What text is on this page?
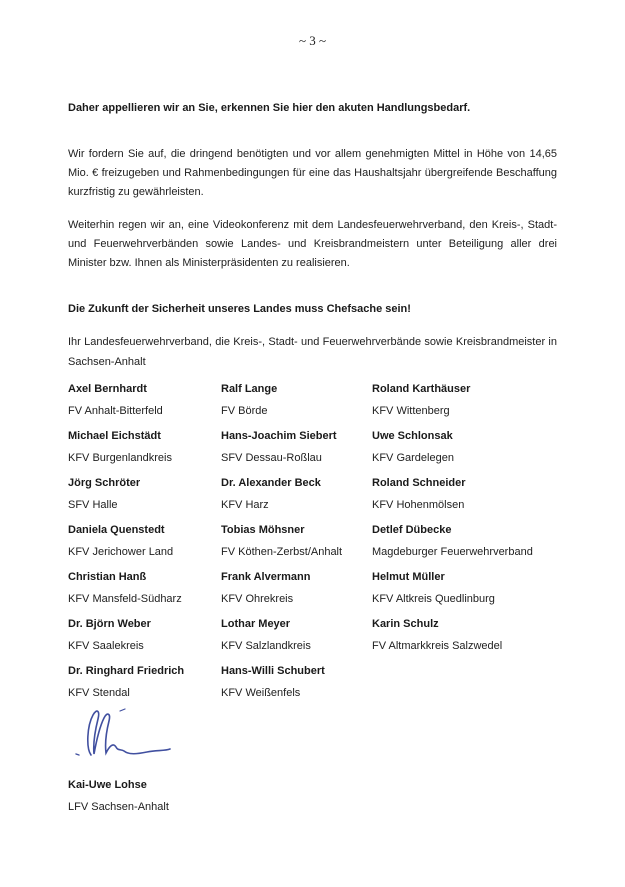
~ 3 ~
Daher appellieren wir an Sie, erkennen Sie hier den akuten Handlungsbedarf.
Wir fordern Sie auf, die dringend benötigten und vor allem genehmigten Mittel in Höhe von 14,65 Mio. € freizugeben und Rahmenbedingungen für eine das Haushaltsjahr übergreifende Beschaffung kurzfristig zu gewährleisten.
Weiterhin regen wir an, eine Videokonferenz mit dem Landesfeuerwehrverband, den Kreis-, Stadt- und Feuerwehrverbänden sowie Landes- und Kreisbrandmeistern unter Beteiligung aller drei Minister bzw. Ihnen als Ministerpräsidenten zu realisieren.
Die Zukunft der Sicherheit unseres Landes muss Chefsache sein!
Ihr Landesfeuerwehrverband, die Kreis-, Stadt- und Feuerwehrverbände sowie Kreisbrandmeister in Sachsen-Anhalt
Axel Bernhardt
FV Anhalt-Bitterfeld
Ralf Lange
FV Börde
Roland Karthäuser
KFV Wittenberg
Michael Eichstädt
KFV Burgenlandkreis
Hans-Joachim Siebert
SFV Dessau-Roßlau
Uwe Schlonsak
KFV Gardelegen
Jörg Schröter
SFV Halle
Dr. Alexander Beck
KFV Harz
Roland Schneider
KFV Hohenmölsen
Daniela Quenstedt
KFV Jerichower Land
Tobias Möhsner
FV Köthen-Zerbst/Anhalt
Detlef Dübecke
Magdeburger Feuerwehrverband
Christian Hanß
KFV Mansfeld-Südharz
Frank Alvermann
KFV Ohrekreis
Helmut Müller
KFV Altkreis Quedlinburg
Dr. Björn Weber
KFV Saalekreis
Lothar Meyer
KFV Salzlandkreis
Karin Schulz
FV Altmarkkreis Salzwedel
Dr. Ringhard Friedrich
KFV Stendal
Hans-Willi Schubert
KFV Weißenfels
Kai-Uwe Lohse
LFV Sachsen-Anhalt
